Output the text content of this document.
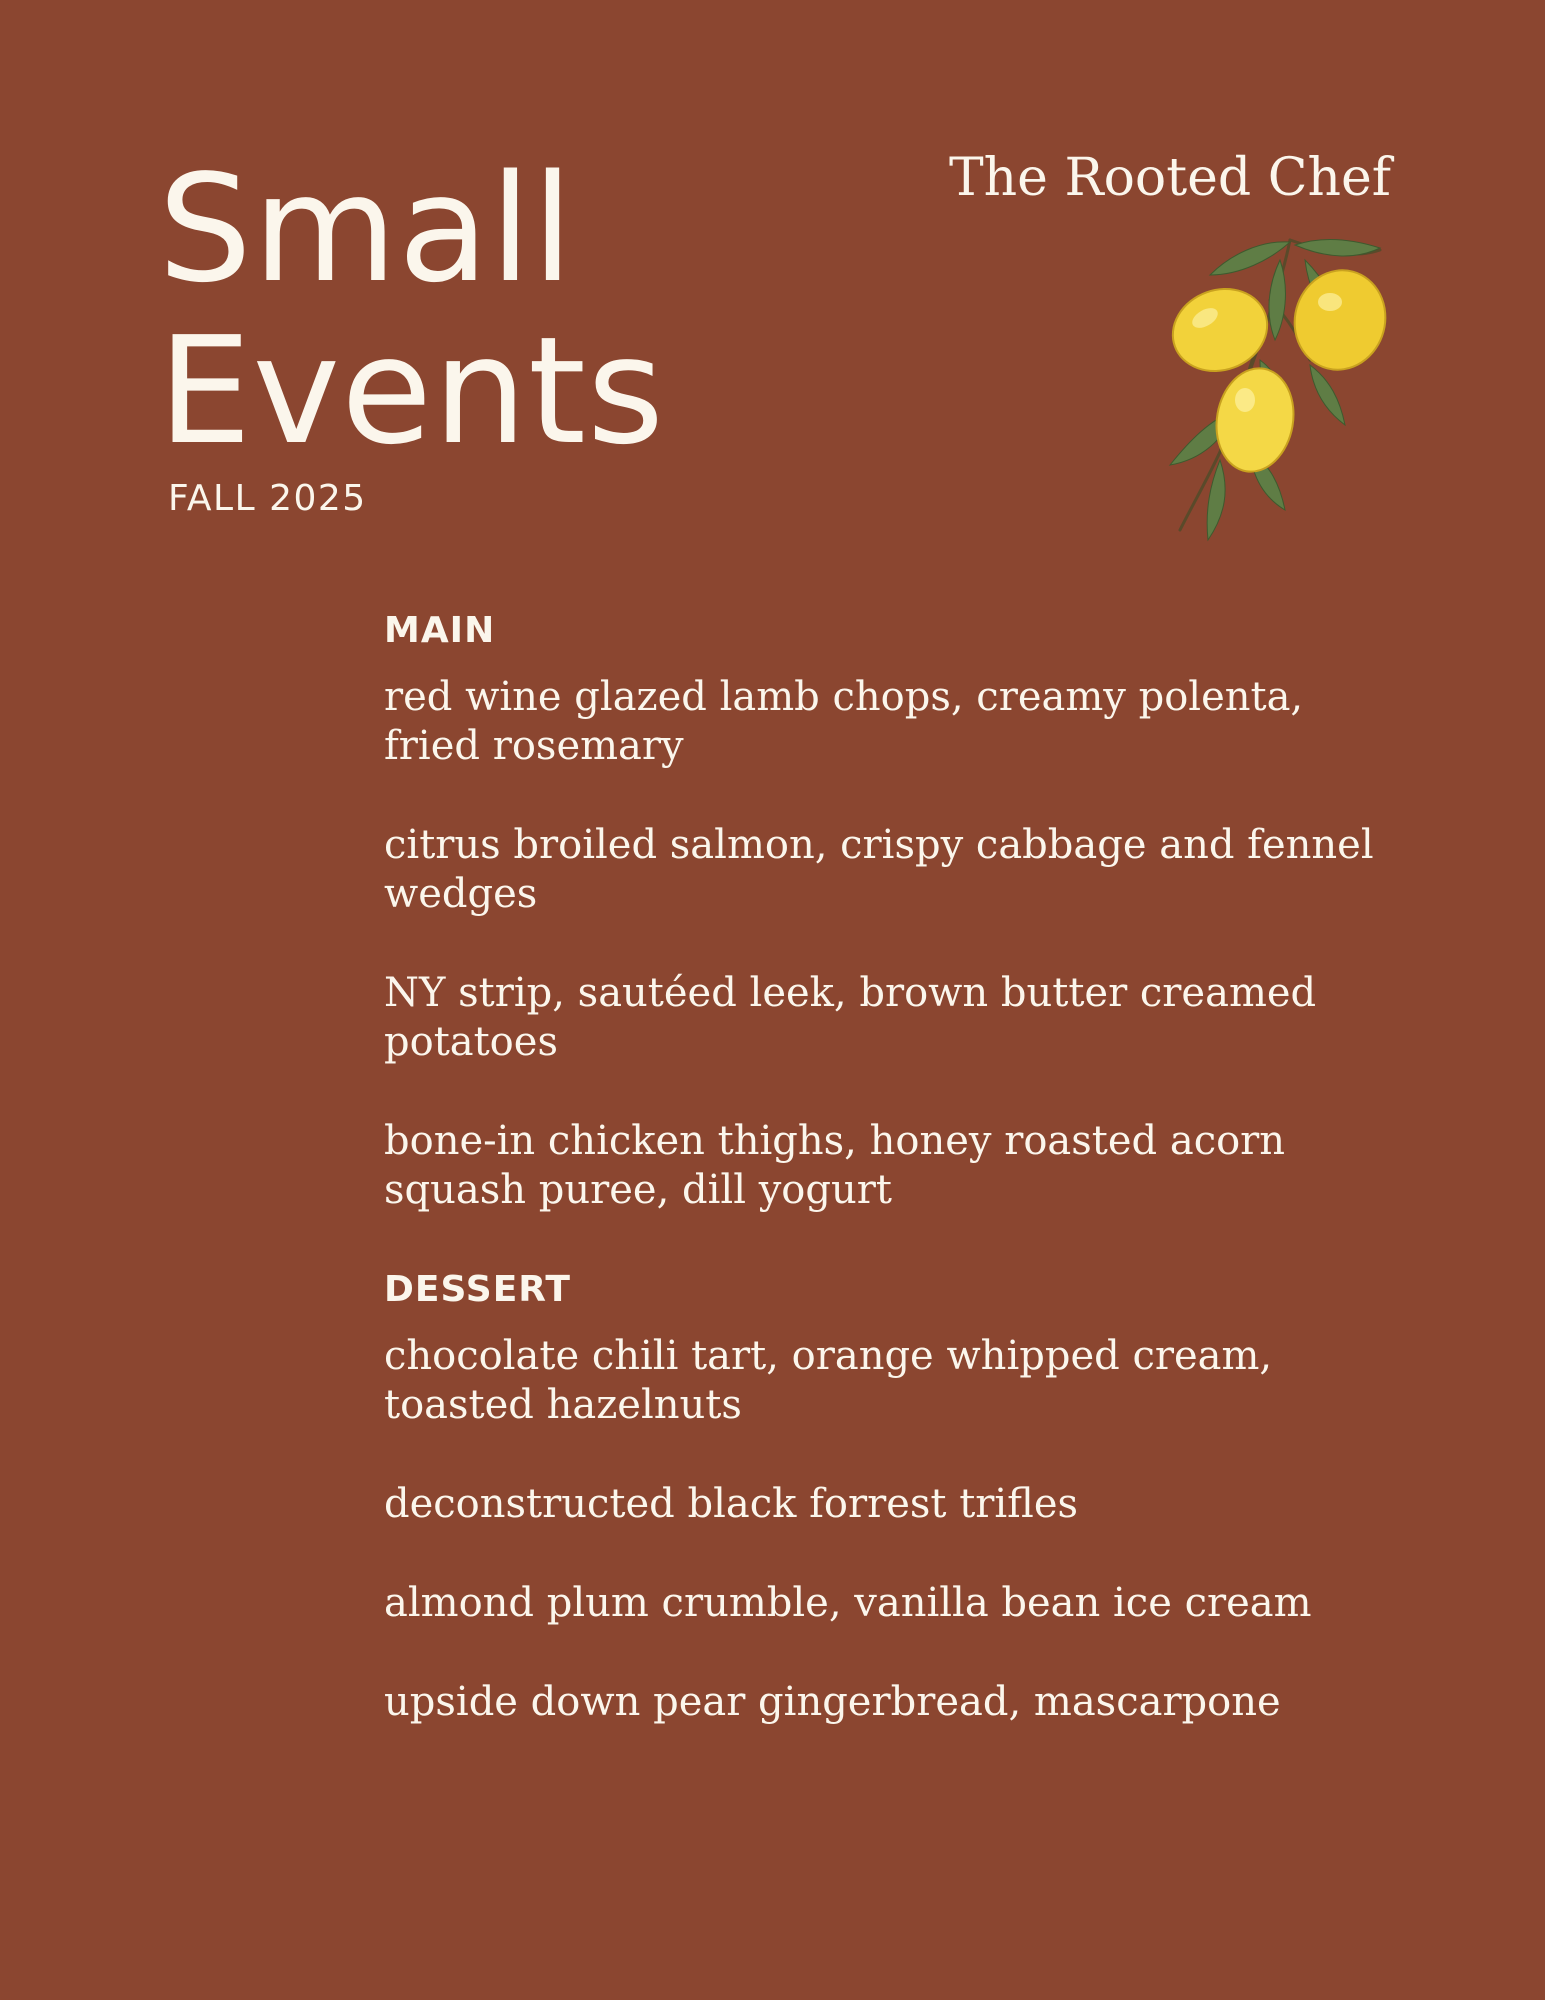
Small
Events
FALL 2025
The Rooted Chef
MAIN
red wine glazed lamb chops, creamy polenta, fried rosemary
citrus broiled salmon, crispy cabbage and fennel wedges
NY strip, sautéed leek, brown butter creamed potatoes
bone-in chicken thighs, honey roasted acorn squash puree, dill yogurt
DESSERT
chocolate chili tart, orange whipped cream, toasted hazelnuts
deconstructed black forrest trifles
almond plum crumble, vanilla bean ice cream
upside down pear gingerbread, mascarpone
